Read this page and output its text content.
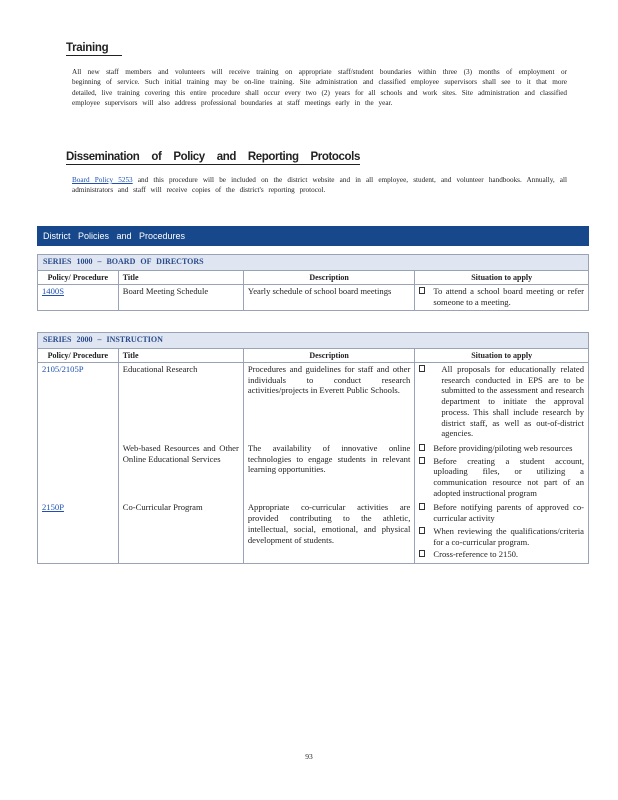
Training
All new staff members and volunteers will receive training on appropriate staff/student boundaries within three (3) months of employment or beginning of service. Such initial training may be on-line training. Site administration and classified employee supervisors shall see to it that more detailed, live training covering this entire procedure shall occur every two (2) years for all schools and work sites. Site administration and classified employee supervisors will also address professional boundaries at staff meetings early in the year.
Dissemination of Policy and Reporting Protocols
Board Policy 5253 and this procedure will be included on the district website and in all employee, student, and volunteer handbooks. Annually, all administrators and staff will receive copies of the district's reporting protocol.
District Policies and Procedures
SERIES 1000 – BOARD OF DIRECTORS			
Policy/ Procedure	Title	Description	Situation to apply
1400S	Board Meeting Schedule	Yearly schedule of school board meetings	To attend a school board meeting or refer someone to a meeting.
SERIES 2000 – INSTRUCTION			
Policy/ Procedure	Title	Description	Situation to apply
2105/2105P	Educational Research	Procedures and guidelines for staff and other individuals to conduct research activities/projects in Everett Public Schools.	All proposals for educationally related research conducted in EPS are to be submitted to the assessment and research department to initiate the approval process. This shall include research by district staff, as well as out-of-district agencies.

	Web-based Resources and Other Online Educational Services	The availability of innovative online technologies to engage students in relevant learning opportunities.	Before providing/piloting web resources
Before creating a student account, uploading files, or utilizing a communication resource not part of an adopted instructional program

2150P	Co-Curricular Program	Appropriate co-curricular activities are provided contributing to the athletic, intellectual, social, emotional, and physical development of students.	Before notifying parents of approved co-curricular activity
When reviewing the qualifications/criteria for a co-curricular program.
Cross-reference to 2150.
93
